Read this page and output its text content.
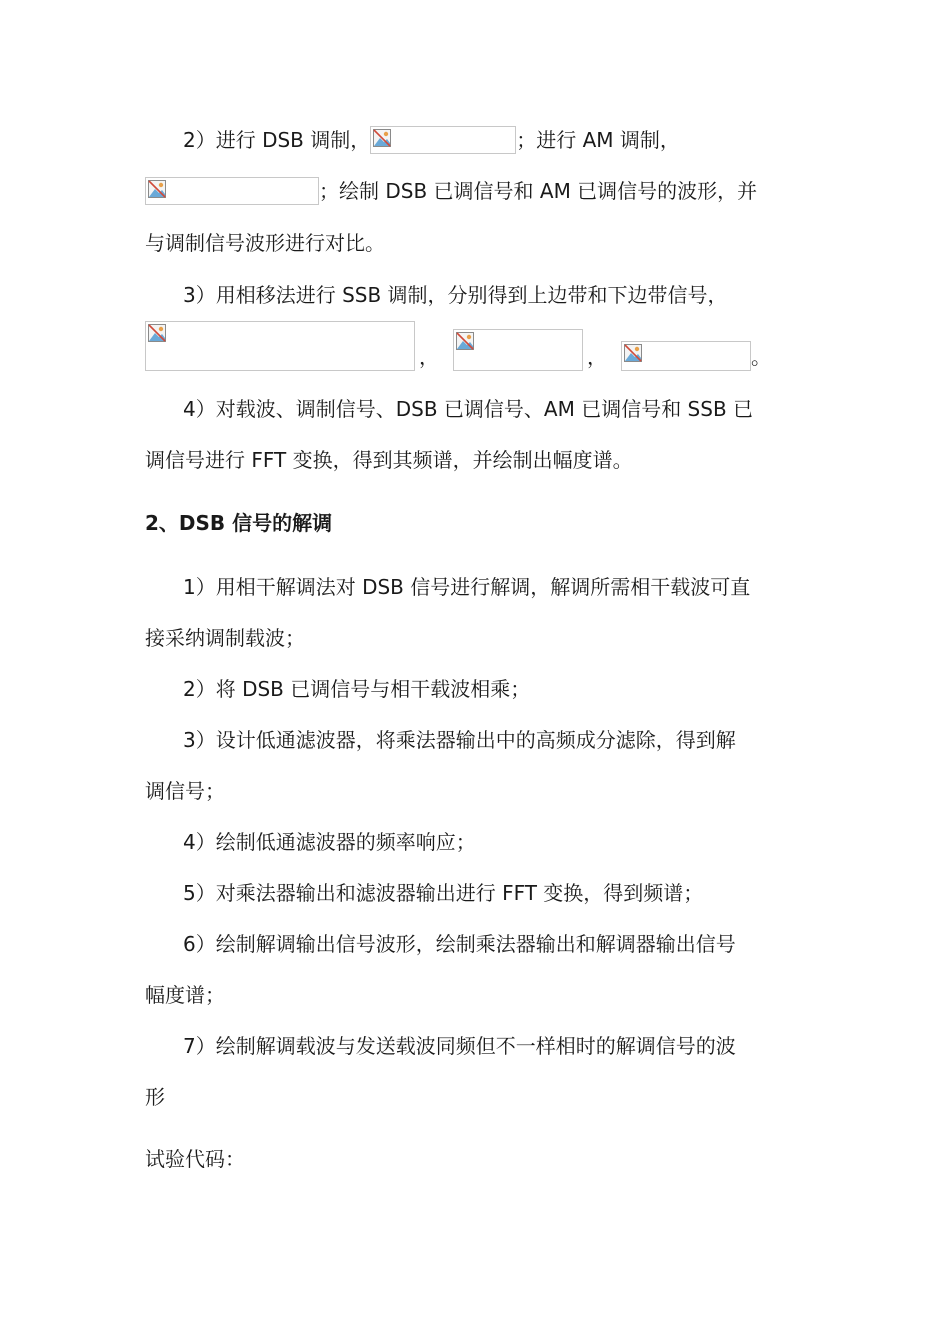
2）进行 DSB 调制，	；进行 AM 调制，
；绘制 DSB 已调信号和 AM 已调信号的波形，并
与调制信号波形进行对比。
3）用相移法进行 SSB 调制，分别得到上边带和下边带信号，
，	，	。
4）对载波、调制信号、DSB 已调信号、AM 已调信号和 SSB 已
调信号进行 FFT 变换，得到其频谱，并绘制出幅度谱。
2、DSB 信号的解调
1）用相干解调法对 DSB 信号进行解调，解调所需相干载波可直
接采纳调制载波；
2）将 DSB 已调信号与相干载波相乘；
3）设计低通滤波器，将乘法器输出中的高频成分滤除，得到解
调信号；
4）绘制低通滤波器的频率响应；
5）对乘法器输出和滤波器输出进行 FFT 变换，得到频谱；
6）绘制解调输出信号波形，绘制乘法器输出和解调器输出信号
幅度谱；
7）绘制解调载波与发送载波同频但不一样相时的解调信号的波
形
试验代码：
